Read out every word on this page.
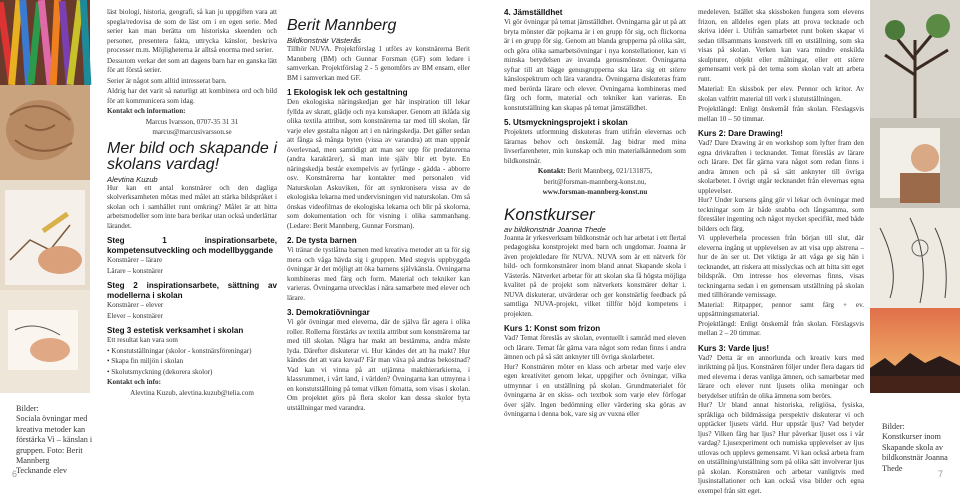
Bilder:
Sociala övningar med kreativa metoder kan förstärka Vi – känslan i gruppen. Foto: Berit Mannberg
Tecknande elev
6

läst biologi, historia, geografi, så kan ju uppgiften vara att spegla/redovisa de som de läst om i en egen serie. Med serier kan man berätta om historiska skeenden och personer, presentera fakta, uttrycka känslor, beskriva processer m.m. Möjligheterna är alltså enorma med serier.

Dessutom verkar det som att dagens barn har en ganska lätt för att förstå serier.

Serier är något som alltid intresserat barn.

Aldrig har det varit så naturligt att kombinera ord och bild för att kommunicera som idag.

Kontakt och information:

Marcus Ivarsson, 0707-35 31 31

marcus@marcusivarsson.se

Mer bild och skapande i skolans vardag!
Alevtina Kuzub

Hur kan ett antal konstnärer och den dagliga skolverksamheten mötas med målet att stärka bildspråket i skolan och i samhället runt omkring? Målet är att hitta arbetsmodeller som inte bara berikar utan också underlättar lärandet.

Steg 1 inspirationsarbete, kompetensutveckling och modellbyggande

Konstnärer – lärare

Lärare – konstnärer

Steg 2 inspirationsarbete, sättning av modellerna i skolan

Konstnärer – elever

Elever – konstnärer

Steg 3 estetisk verksamhet i skolan

Ett resultat kan vara som

• Konstutställningar (skolor - konstnärsföreningar)

• Skapa fin miljön i skolan

• Skolutsmyckning (dekorera skolor)

Kontakt och info:

Alevtina Kuzub, alevtina.kuzub@telia.com

Berit Mannberg
Bildkonstnär Västerås

Tillhör NUVA. Projektförslag 1 utförs av konstnärerna Berit Mannberg (BM) och Gunnar Forsman (GF) som ledare i samverkan. Projektförslag 2 - 5 genomförs av BM ensam, eller BM i samverkan med GF.

1 Ekologisk lek och gestaltning

Den ekologiska näringskedjan ger här inspiration till lekar fyllda av skratt, glädje och nya kunskaper. Genom att iklåda sig olika textila attribut, som konstnärerna tar med till skolan, får varje elev gestalta någon art i en näringskedja. Det gäller sedan att fånga så många byten (vissa av varandra) att man uppnår överlevnad, men samtidigt att man ser upp för predatorerna (andra karaktärer), så man inte själv blir ett byte. En näringskedja består exempelvis av fyrlänge - gädda - abborre osv. Konstnärerna har kontakter med personalen vid Naturskolan Askuviken, för att synkronisera vissa av de ekologiska lekarna med undervisningen vid naturskolan. Om så önskas videofilmas de ekologiska lekarna och blir på skolorna, som dokumentation och för visning i olika sammanhang. (Ledare: Berit Mannberg, Gunnar Forsman).

2. De tysta barnen

Vi tränar de tystlåtna barnen med kreativa metoder att ta för sig mera och våga hävda sig i gruppen. Med stegvis uppbyggda övningar är det möjligt att öka barnens självkänsla. Övningarna kombineras med färg och form. Material och tekniker kan varieras. Övningarna utvecklas i nära samarbete med elever och lärare.

3. Demokratiövningar

Vi gör övningar med eleverna, där de själva får agera i olika roller. Rollerna förstärks av textila attribut som konstnärerna tar med till skolan. Några har makt att bestämma, andra måste lyda. Därefter diskuterar vi. Hur kändes det att ha makt? Hur kändes det att vara kuvad? Får man växa på andras bekostnad? Vad kan vi vinna på att utjämna makthierarkierna, i klassrummet, i vårt land, i världen? Övningarna kan utmynna i en konstutställning på temat vilken förnatta, som visas i skolan. Om projektet görs på flera skolor kan dessa skolor byta utställningar med varandra.

4. Jämställdhet

Vi gör övningar på temat jämställdhet. Övningarna går ut på att bryta mönster där pojkarna är i en grupp för sig, och flickorna är i en grupp för sig. Genom att blanda grupperna på olika sätt, och göra olika samarbetsövningar i nya konstellationer, kan vi minska betydelsen av invanda genusmönster. Övningarna syftar till att bägge genusgrupperna ska lära sig ett större känslospektrum och lära varandra. Övningarna diskuteras fram med berörda lärare och elever. Övningarna kombineras med färg och form, material och tekniker kan varieras. En konstutställning kan skapas på temat jämställdhet.

5. Utsmyckningsprojekt i skolan

Projektets utformning diskuteras fram utifrån elevernas och lärarnas behov och önskemål. Jag bidrar med mina livserfarenheter, min kunskap och min materialkännedom som bildkonstnär.

Kontakt: Berit Mannberg, 021/131875,

berit@forsman-mannberg-konst.nu,

www.forsman-mannberg-konst.nu

Konstkurser
av bildkonstnär Joanna Thede

Joanna är yrkesverksam bildkonstnär och har arbetat i ett flertal pedagogiska konstprojekt med barn och ungdomar. Joanna är även projektledare för NUVA. NUVA som är ett nätverk för bild- och formkonstnärer inom bland annat Skapande skola i Västerås. Nätverket arbetar för att skolan ska få högsta möjliga kvalitet på de projekt som nätverkets konstnärer deltar i. NUVA diskuterar, utvärderar och ger konstnärlig feedback på samtliga NUVA-projekt, vilket tillför höjd kompetens i projekten.

Kurs 1: Konst som frizon

Vad? Temat föreslås av skolan, eventuellt i samråd med eleven och lärare. Temat får gärna vara något som redan finns i andra ämnen och på så sätt anknyter till övriga skolarbetet.
Hur? Konstnären möter en klass och arbetar med varje elev egen kreativitet genom lekar, uppgifter och övningar, vilka utmynnar i en utställning på skolan. Grundmaterialet för övningarna är en skiss- och textbok som varje elev förfogar över själv. Ingen bedömning eller värdering ska göras av övningarna i denna bok, vare sig av vuxna eller

medeleven. Istället ska skissboken fungera som elevens frizon, en alldeles egen plats att prova tecknade och skriva idéer i. Utifrån samarbetet runt boken skapar vi sedan tillsammans konstverk till en utställning, som ska visas på skolan. Verken kan vara mindre enskilda skulpturer, objekt eller målningar, eller ett större gemensamt verk på det tema som skolan valt att arbeta runt.

Material: En skissbok per elev. Pennor och kritor. Av skolan valfritt material till verk i slututställningen.

Projektlängd: Enligt önskemål från skolan. Förslagsvis mellan 10 – 50 timmar.

Kurs 2: Dare Drawing!

Vad? Dare Drawing är en workshop som lyfter fram den egna drivkraften i tecknandet. Temat föreslås av lärare och lärare. Det får gärna vara något som redan finns i andra ämnen och på så sätt anknyter till övriga skolarbetet. I övrigt utgår tecknandet från elevernas egna upplevelser.
Hur? Under kursens gång gör vi lekar och övningar med teckningar som är både snabba och långsamma, som förestäler ingenting och något mycket specifikt, med både bilders och färg.
Vi uppleverhela processen från början till slut, där eleverna ingång ut upplevelsen av att visa upp alstrena – hur de än ser ut. Det viktiga är att våga ge sig hän i tecknandet, att riskera att misslyckas och att hitta sitt eget bildspråk. Om intresse hos elevernas finns, visas teckningarna sedan i en gemensam utställning på skolan med tillhörande vernissage.
Material: Ritpapper, pennor samt färg + ev. uppsättningsmaterial.
Projektlängd: Enligt önskemål från skolan. Förslagsvis mellan 2 – 20 timmar.

Kurs 3: Varde ljus!

Vad? Detta är en annorlunda och kreativ kurs med inriktning på ljus. Konstnären följer under flera dagars tid med eleverna i deras vanliga ämnen, och samarbetar med lärare och elever runt ljusets olika meningar och betydelser utifrån de olika ämnena som berörs.
Hur? Ur bland annat historiska, religiösa, fysiska, språkliga och bildmässiga perspektiv diskuterar vi och upptäcker ljusets värld. Hur uppstår ljus? Vad betyder ljus? Vilken färg har ljus? Hur påverkar ljuset oss i vår vardag? Ljusexperiment och numiska upplevelser av ljus utlovas och upplevs gemensamt. Vi kan också arbeta fram en utställning/utställning som på olika sätt involverar ljus på skolan. Konstnären och arbetar vanligtvis med ljusinstallationer och kan också visa bilder och egna exempel från sitt eget.

Bilder:
Konstkurser inom Skapande skola av bildkonstnär Joanna Thede
7
